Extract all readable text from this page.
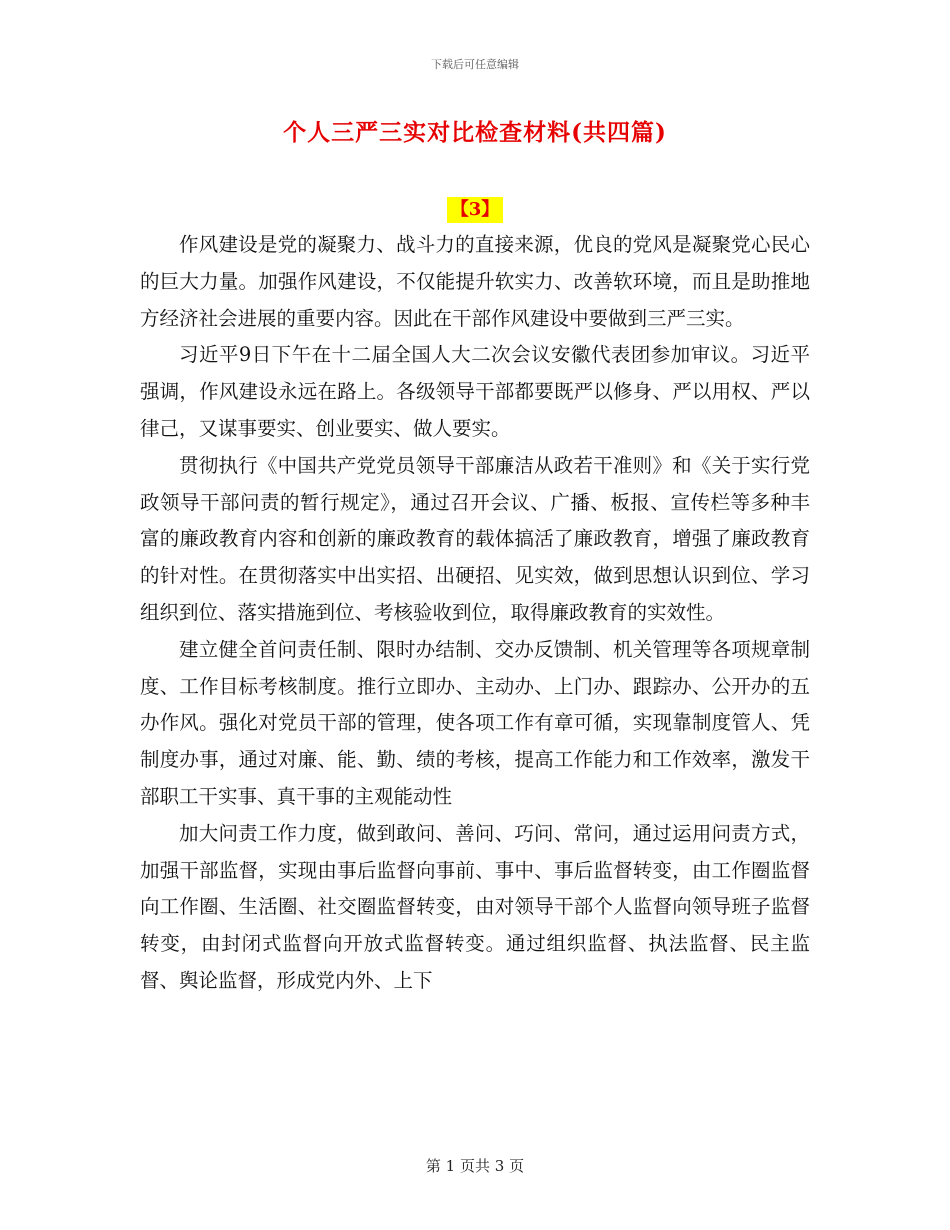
下载后可任意编辑
个人三严三实对比检查材料(共四篇)
【3】

作风建设是党的凝聚力、战斗力的直接来源，优良的党风是凝聚党心民心的巨大力量。加强作风建设，不仅能提升软实力、改善软环境，而且是助推地方经济社会进展的重要内容。因此在干部作风建设中要做到三严三实。

习近平9日下午在十二届全国人大二次会议安徽代表团参加审议。习近平强调，作风建设永远在路上。各级领导干部都要既严以修身、严以用权、严以律己，又谋事要实、创业要实、做人要实。

贯彻执行《中国共产党党员领导干部廉洁从政若干准则》和《关于实行党政领导干部问责的暂行规定》，通过召开会议、广播、板报、宣传栏等多种丰富的廉政教育内容和创新的廉政教育的载体搞活了廉政教育，增强了廉政教育的针对性。在贯彻落实中出实招、出硬招、见实效，做到思想认识到位、学习组织到位、落实措施到位、考核验收到位，取得廉政教育的实效性。

建立健全首问责任制、限时办结制、交办反馈制、机关管理等各项规章制度、工作目标考核制度。推行立即办、主动办、上门办、跟踪办、公开办的五办作风。强化对党员干部的管理，使各项工作有章可循，实现靠制度管人、凭制度办事，通过对廉、能、勤、绩的考核，提高工作能力和工作效率，激发干部职工干实事、真干事的主观能动性

加大问责工作力度，做到敢问、善问、巧问、常问，通过运用问责方式，加强干部监督，实现由事后监督向事前、事中、事后监督转变，由工作圈监督向工作圈、生活圈、社交圈监督转变，由对领导干部个人监督向领导班子监督转变，由封闭式监督向开放式监督转变。通过组织监督、执法监督、民主监督、舆论监督，形成党内外、上下

第 1 页共 3 页
